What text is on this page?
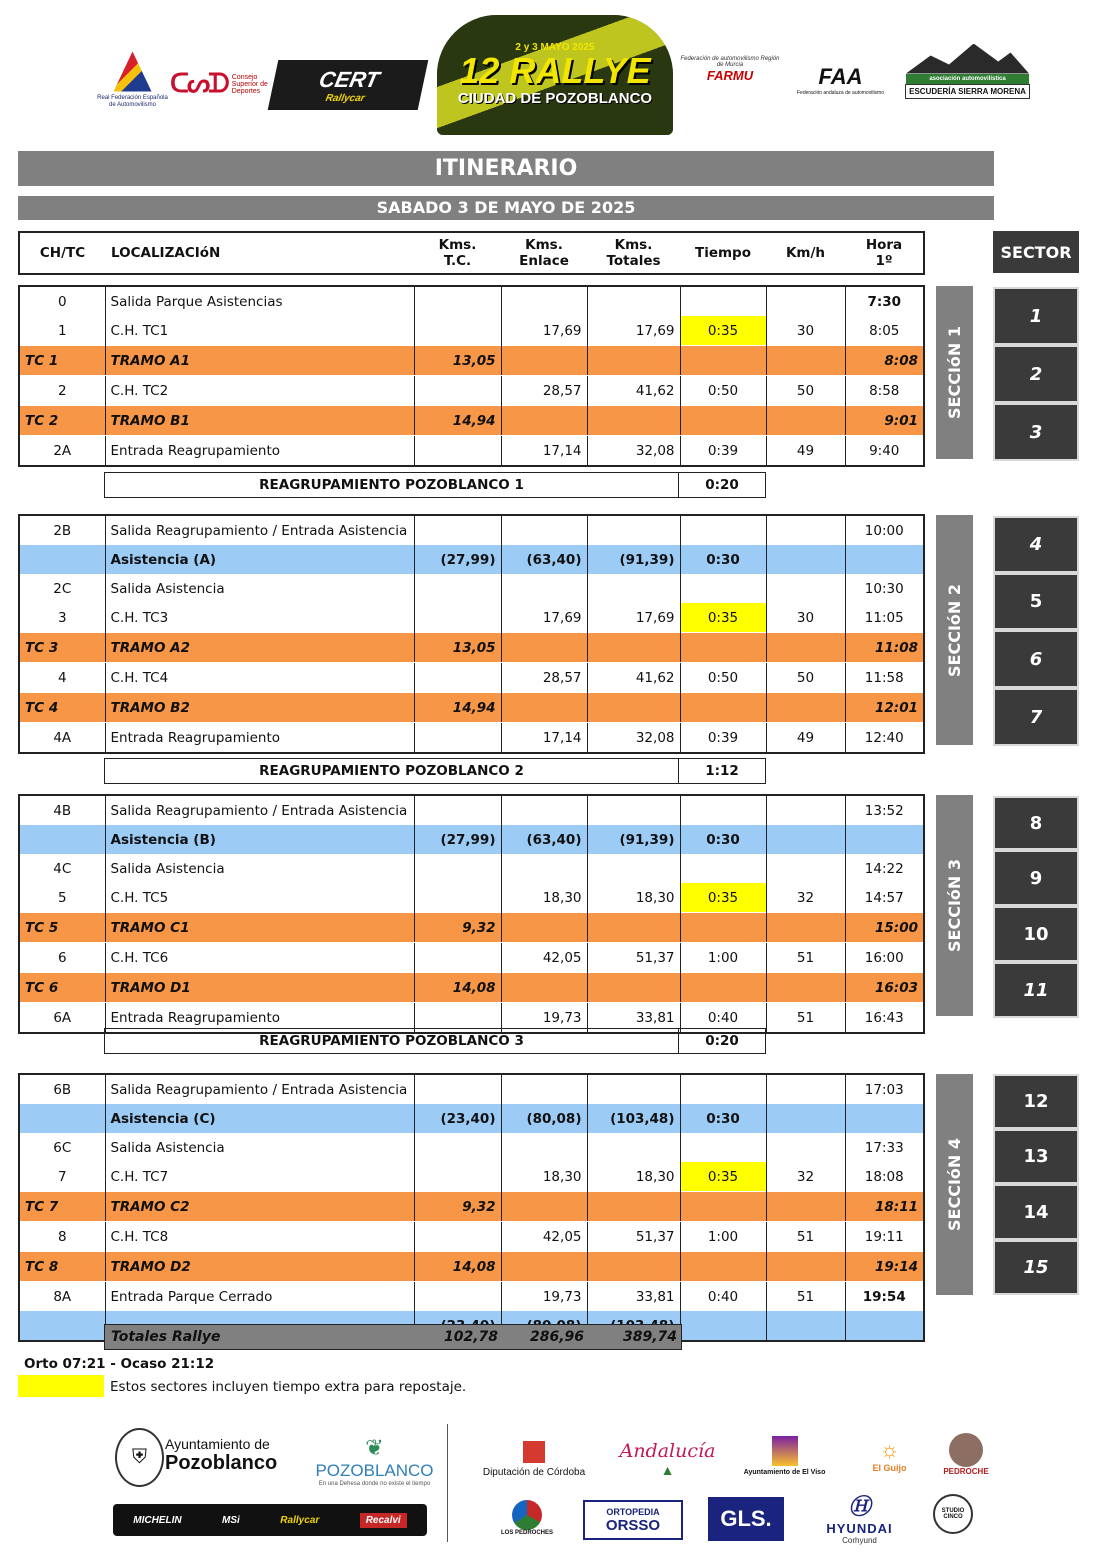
Real Federación Española de Automovilismo
ᑕᔕᗪ Consejo Superior de Deportes	CERT
Rallycar
2 y 3 MAYO 2025
12 RALLYE
CIUDAD DE POZOBLANCO
Federación de automovilismo Región de Murcia
FARMU	FAA
Federación andaluza de automovilismo
asociación automovilística
ESCUDERÍA SIERRA MORENA
ITINERARIO
SABADO 3 DE MAYO DE 2025
CH/TC	LOCALIZACIóN	Kms.
T.C.	Kms.
Enlace	Kms.
Totales	Tiempo	Km/h	Hora
1º	SECTOR
0	Salida Parque Asistencias						7:30
1	C.H. TC1		17,69	17,69	0:35	30	8:05
TC 1	TRAMO A1	13,05					8:08
2	C.H. TC2		28,57	41,62	0:50	50	8:58
TC 2	TRAMO B1	14,94					9:01
2A	Entrada Reagrupamiento		17,14	32,08	0:39	49	9:40
2B	Salida Reagrupamiento / Entrada Asistencia						10:00
	Asistencia (A)	(27,99)	(63,40)	(91,39)	0:30		
2C	Salida Asistencia						10:30
3	C.H. TC3		17,69	17,69	0:35	30	11:05
TC 3	TRAMO A2	13,05					11:08
4	C.H. TC4		28,57	41,62	0:50	50	11:58
TC 4	TRAMO B2	14,94					12:01
4A	Entrada Reagrupamiento		17,14	32,08	0:39	49	12:40
4B	Salida Reagrupamiento / Entrada Asistencia						13:52
	Asistencia (B)	(27,99)	(63,40)	(91,39)	0:30		
4C	Salida Asistencia						14:22
5	C.H. TC5		18,30	18,30	0:35	32	14:57
TC 5	TRAMO C1	9,32					15:00
6	C.H. TC6		42,05	51,37	1:00	51	16:00
TC 6	TRAMO D1	14,08					16:03
6A	Entrada Reagrupamiento		19,73	33,81	0:40	51	16:43
6B	Salida Reagrupamiento / Entrada Asistencia						17:03
	Asistencia (C)	(23,40)	(80,08)	(103,48)	0:30		
6C	Salida Asistencia						17:33
7	C.H. TC7		18,30	18,30	0:35	32	18:08
TC 7	TRAMO C2	9,32					18:11
8	C.H. TC8		42,05	51,37	1:00	51	19:11
TC 8	TRAMO D2	14,08					19:14
8A	Entrada Parque Cerrado		19,73	33,81	0:40	51	19:54

REAGRUPAMIENTO POZOBLANCO 1	0:20
REAGRUPAMIENTO POZOBLANCO 2	1:12
REAGRUPAMIENTO POZOBLANCO 3	0:20
SECCIóN 1
SECCIóN 2
SECCIóN 3
SECCIóN 4
1
2
3
4
5
6
7
8
9
10
11
12
13
14
15
Totales Rallye	102,78	286,96	389,74
Orto 07:21 - Ocaso 21:12
Estos sectores incluyen tiempo extra para repostaje.
⛨
Ayuntamiento de
Pozoblanco
❦
POZOBLANCO
En una Dehesa donde no existe el tiempo
Diputación de Córdoba
Andalucía
▲	Ayuntamiento de El Viso
☼
El Guijo	PEDROCHE
MICHELIN	MSi	Rallycar	Recalvi
LOS PEDROCHES
ORTOPEDIA
ORSSO	GLS.	Ⓗ
HYUNDAI
Corhyund
STUDIO CINCO
